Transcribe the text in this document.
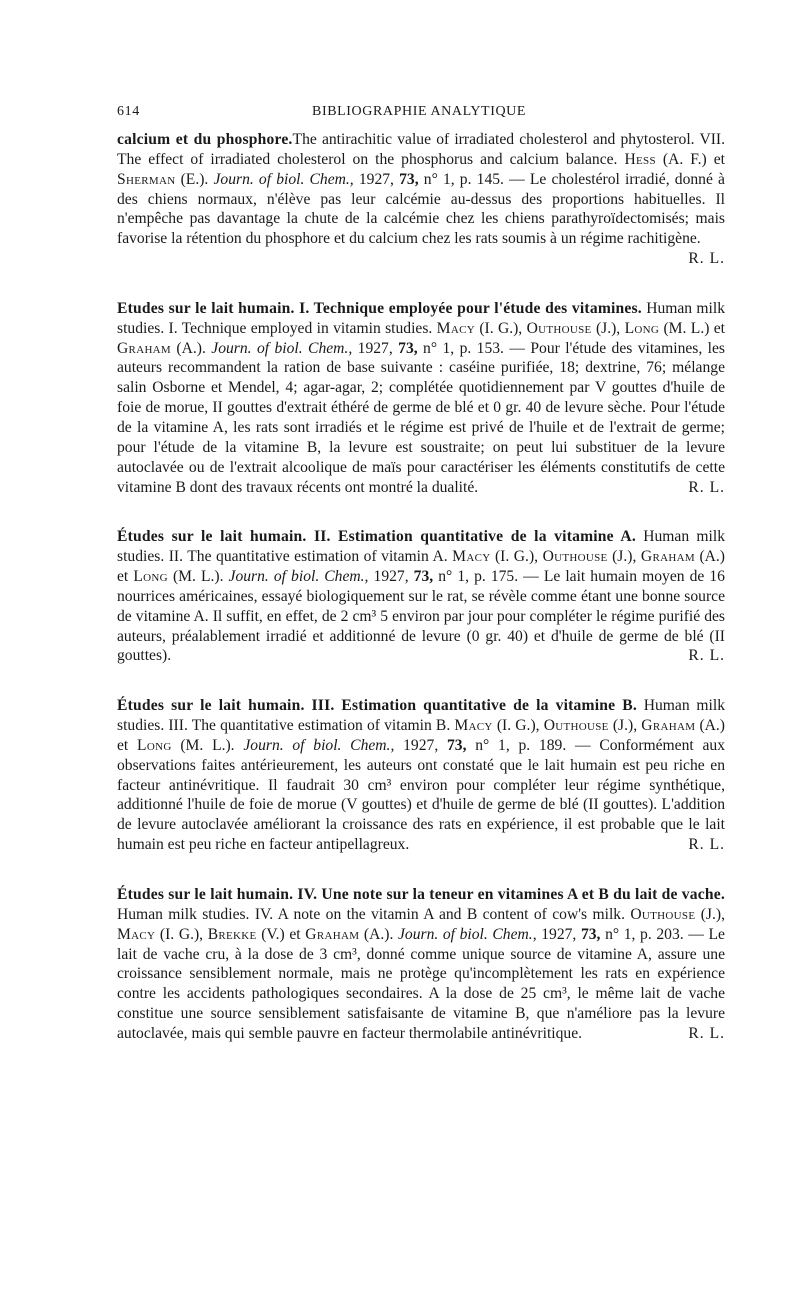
614	BIBLIOGRAPHIE ANALYTIQUE
calcium et du phosphore.The antirachitic value of irradiated cholesterol and phytosterol. VII. The effect of irradiated cholesterol on the phosphorus and calcium balance. Hess (A. F.) et Sherman (E.). Journ. of biol. Chem., 1927, 73, n° 1, p. 145. — Le cholestérol irradié, donné à des chiens normaux, n'élève pas leur calcémie au-dessus des proportions habituelles. Il n'empêche pas davantage la chute de la calcémie chez les chiens parathyroïdectomisés; mais favorise la rétention du phosphore et du calcium chez les rats soumis à un régime rachitigène.
R. L.
Etudes sur le lait humain. I. Technique employée pour l'étude des vitamines. Human milk studies. I. Technique employed in vitamin studies. Macy (I. G.), Outhouse (J.), Long (M. L.) et Graham (A.). Journ. of biol. Chem., 1927, 73, n° 1, p. 153. — Pour l'étude des vitamines, les auteurs recommandent la ration de base suivante : caséine purifiée, 18; dextrine, 76; mélange salin Osborne et Mendel, 4; agar-agar, 2; complétée quotidiennement par V gouttes d'huile de foie de morue, II gouttes d'extrait éthéré de germe de blé et 0 gr. 40 de levure sèche. Pour l'étude de la vitamine A, les rats sont irradiés et le régime est privé de l'huile et de l'extrait de germe; pour l'étude de la vitamine B, la levure est soustraite; on peut lui substituer de la levure autoclavée ou de l'extrait alcoolique de maïs pour caractériser les éléments constitutifs de cette vitamine B dont des travaux récents ont montré la dualité.	R. L.
Études sur le lait humain. II. Estimation quantitative de la vitamine A. Human milk studies. II. The quantitative estimation of vitamin A. Macy (I. G.), Outhouse (J.), Graham (A.) et Long (M. L.). Journ. of biol. Chem., 1927, 73, n° 1, p. 175. — Le lait humain moyen de 16 nourrices américaines, essayé biologiquement sur le rat, se révèle comme étant une bonne source de vitamine A. Il suffit, en effet, de 2 cm³ 5 environ par jour pour compléter le régime purifié des auteurs, préalablement irradié et additionné de levure (0 gr. 40) et d'huile de germe de blé (II gouttes).	R. L.
Études sur le lait humain. III. Estimation quantitative de la vitamine B. Human milk studies. III. The quantitative estimation of vitamin B. Macy (I. G.), Outhouse (J.), Graham (A.) et Long (M. L.). Journ. of biol. Chem., 1927, 73, n° 1, p. 189. — Conformément aux observations faites antérieurement, les auteurs ont constaté que le lait humain est peu riche en facteur antinévritique. Il faudrait 30 cm³ environ pour compléter leur régime synthétique, additionné l'huile de foie de morue (V gouttes) et d'huile de germe de blé (II gouttes). L'addition de levure autoclavée améliorant la croissance des rats en expérience, il est probable que le lait humain est peu riche en facteur antipellagreux.	R. L.
Études sur le lait humain. IV. Une note sur la teneur en vitamines A et B du lait de vache. Human milk studies. IV. A note on the vitamin A and B content of cow's milk. Outhouse (J.), Macy (I. G.), Brekke (V.) et Graham (A.). Journ. of biol. Chem., 1927, 73, n° 1, p. 203. — Le lait de vache cru, à la dose de 3 cm³, donné comme unique source de vitamine A, assure une croissance sensiblement normale, mais ne protège qu'incomplètement les rats en expérience contre les accidents pathologiques secondaires. A la dose de 25 cm³, le même lait de vache constitue une source sensiblement satisfaisante de vitamine B, que n'améliore pas la levure autoclavée, mais qui semble pauvre en facteur thermolabile antinévritique.	R. L.
